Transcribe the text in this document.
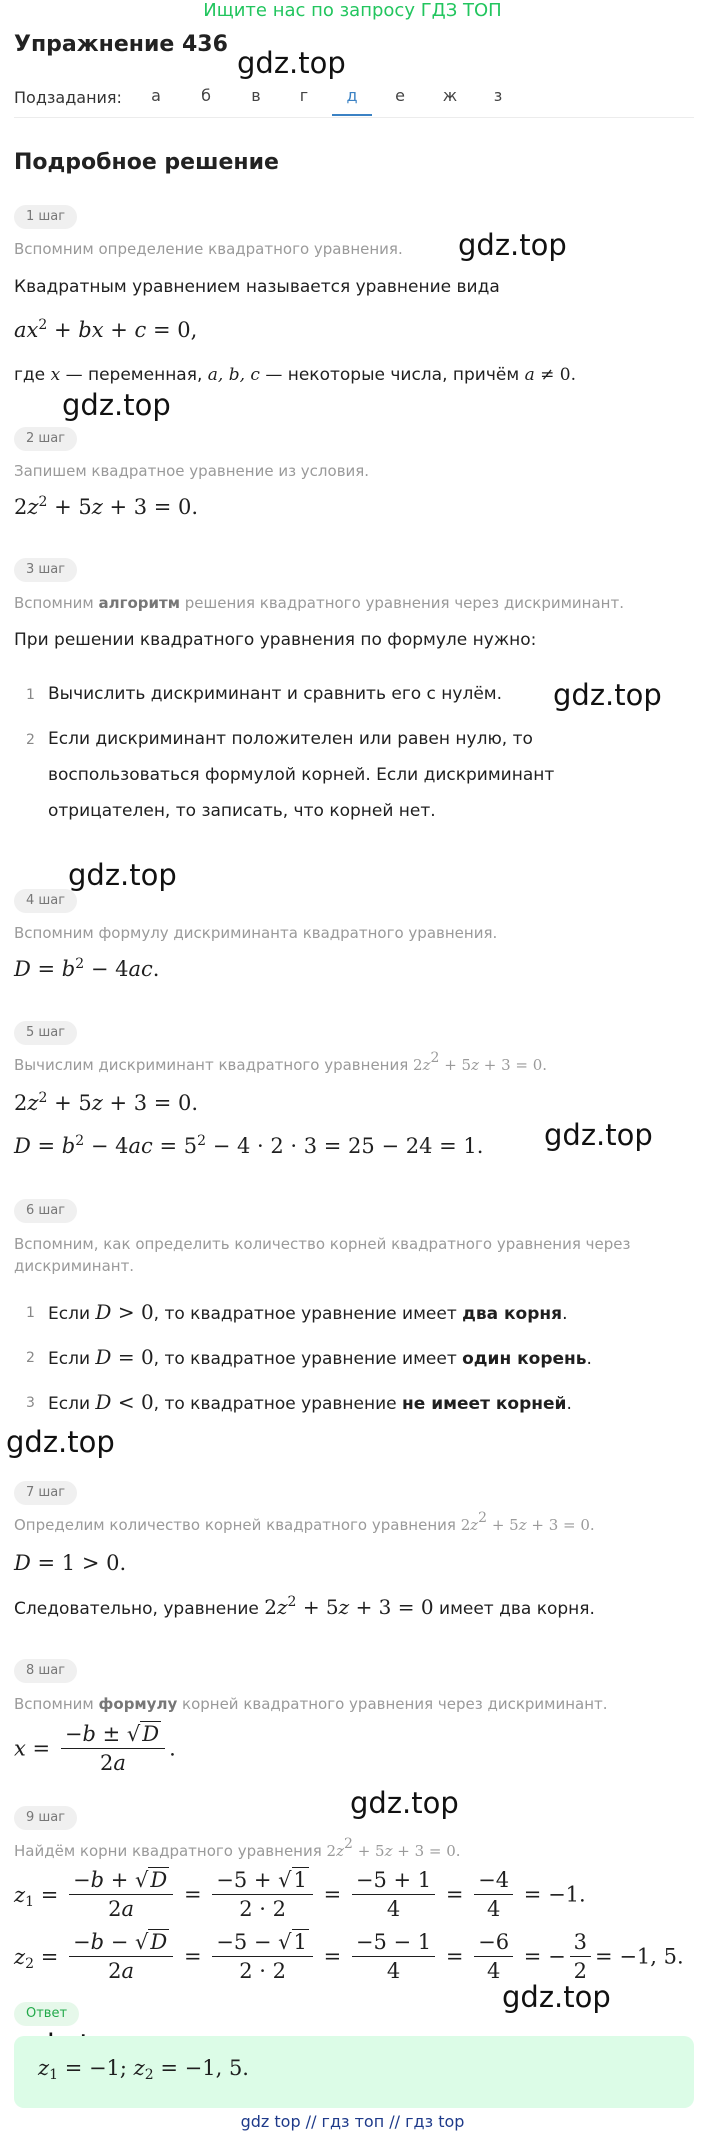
Ищите нас по запросу ГДЗ ТОП
Упражнение 436
gdz.top
Подзадания:	а	б	в	г	д	е	ж	з
Подробное решение
1 шаг
gdz.top
Вспомним определение квадратного уравнения.
Квадратным уравнением называется уравнение вида
$ax^2$ + bx + c = 0,
где x — переменная, a, b, c — некоторые числа, причём a ≠ 0.
gdz.top
2 шаг
Запишем квадратное уравнение из условия.
$2z^2 + 5z + 3 = 0$.
3 шаг
Вспомним алгоритм решения квадратного уравнения через дискриминант.
При решении квадратного уравнения по формуле нужно:
1 Вычислить дискриминант и сравнить его с нулём.	gdz.top
2 Если дискриминант положителен или равен нулю, то воспользоваться формулой корней. Если дискриминант отрицателен, то записать, что корней нет.
gdz.top
4 шаг
Вспомним формулу дискриминанта квадратного уравнения.
$D = b^2 - 4ac$.
5 шаг
Вычислим дискриминант квадратного уравнения $2z^2 + 5z + 3 = 0$.
$2z^2 + 5z + 3 = 0$.
gdz.top
$D = b^2 - 4ac = 5^2 - 4 \cdot 2 \cdot 3 = 25 - 24 = 1$.
6 шаг
Вспомним, как определить количество корней квадратного уравнения через дискриминант.
1 Если D > 0, то квадратное уравнение имеет два корня.
2 Если D = 0, то квадратное уравнение имеет один корень.
3 Если D < 0, то квадратное уравнение не имеет корней.
gdz.top
7 шаг
Определим количество корней квадратного уравнения $2z^2 + 5z + 3 = 0$.
D = 1 > 0.
Следовательно, уравнение $2z^2 + 5z + 3 = 0$ имеет два корня.
8 шаг
Вспомним формулу корней квадратного уравнения через дискриминант.
$x = \frac{-b \pm √D}{2a}$ .
gdz.top
9 шаг
Найдём корни квадратного уравнения $2z^2 + 5z + 3 = 0$.
$z_1 = \frac{-b + √D}{2a} = \frac{-5 + √1}{2 \cdot 2} = \frac{-5 + 1}{4} = \frac{-4}{4} = -1$.
$z_2 = \frac{-b - √D}{2a} = \frac{-5 - √1}{2 \cdot 2} = \frac{-5 - 1}{4} = \frac{-6}{4}$ = − $\frac{3}{2} = -1$, 5.
gdz.top
Ответ
$z_1 = -1$; $z_2 = -1$, 5.
gdz top // гдз топ // гдз top
